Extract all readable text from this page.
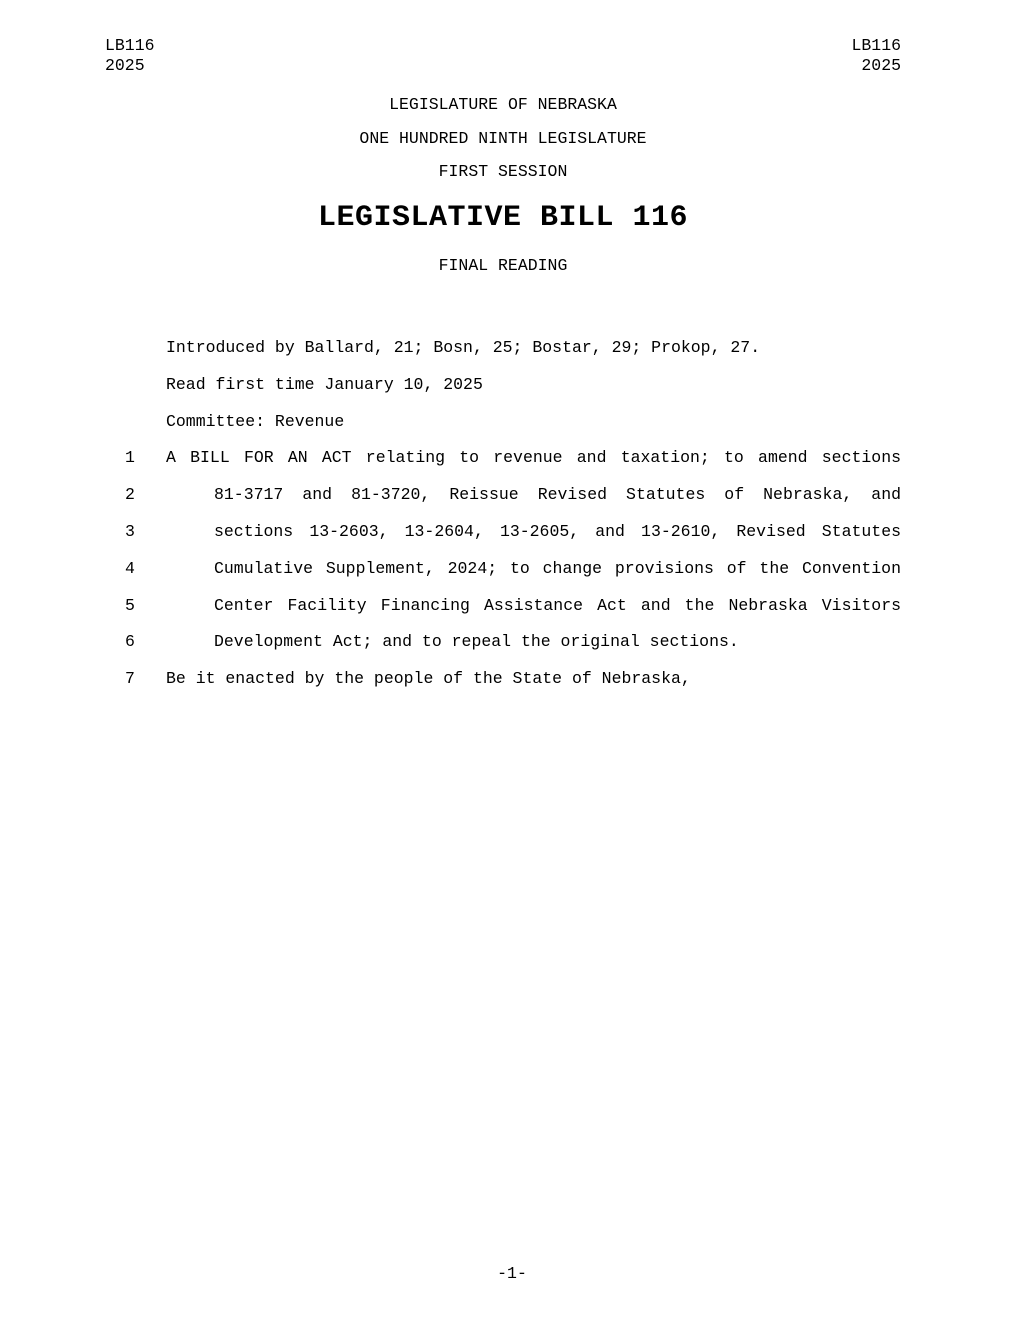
LB116
2025
LB116
2025
LEGISLATURE OF NEBRASKA
ONE HUNDRED NINTH LEGISLATURE
FIRST SESSION
LEGISLATIVE BILL 116
FINAL READING
Introduced by Ballard, 21; Bosn, 25; Bostar, 29; Prokop, 27.
Read first time January 10, 2025
Committee: Revenue
1	A BILL FOR AN ACT relating to revenue and taxation; to amend sections
2	81-3717 and 81-3720, Reissue Revised Statutes of Nebraska, and
3	sections 13-2603, 13-2604, 13-2605, and 13-2610, Revised Statutes
4	Cumulative Supplement, 2024; to change provisions of the Convention
5	Center Facility Financing Assistance Act and the Nebraska Visitors
6	Development Act; and to repeal the original sections.
7	Be it enacted by the people of the State of Nebraska,
-1-
